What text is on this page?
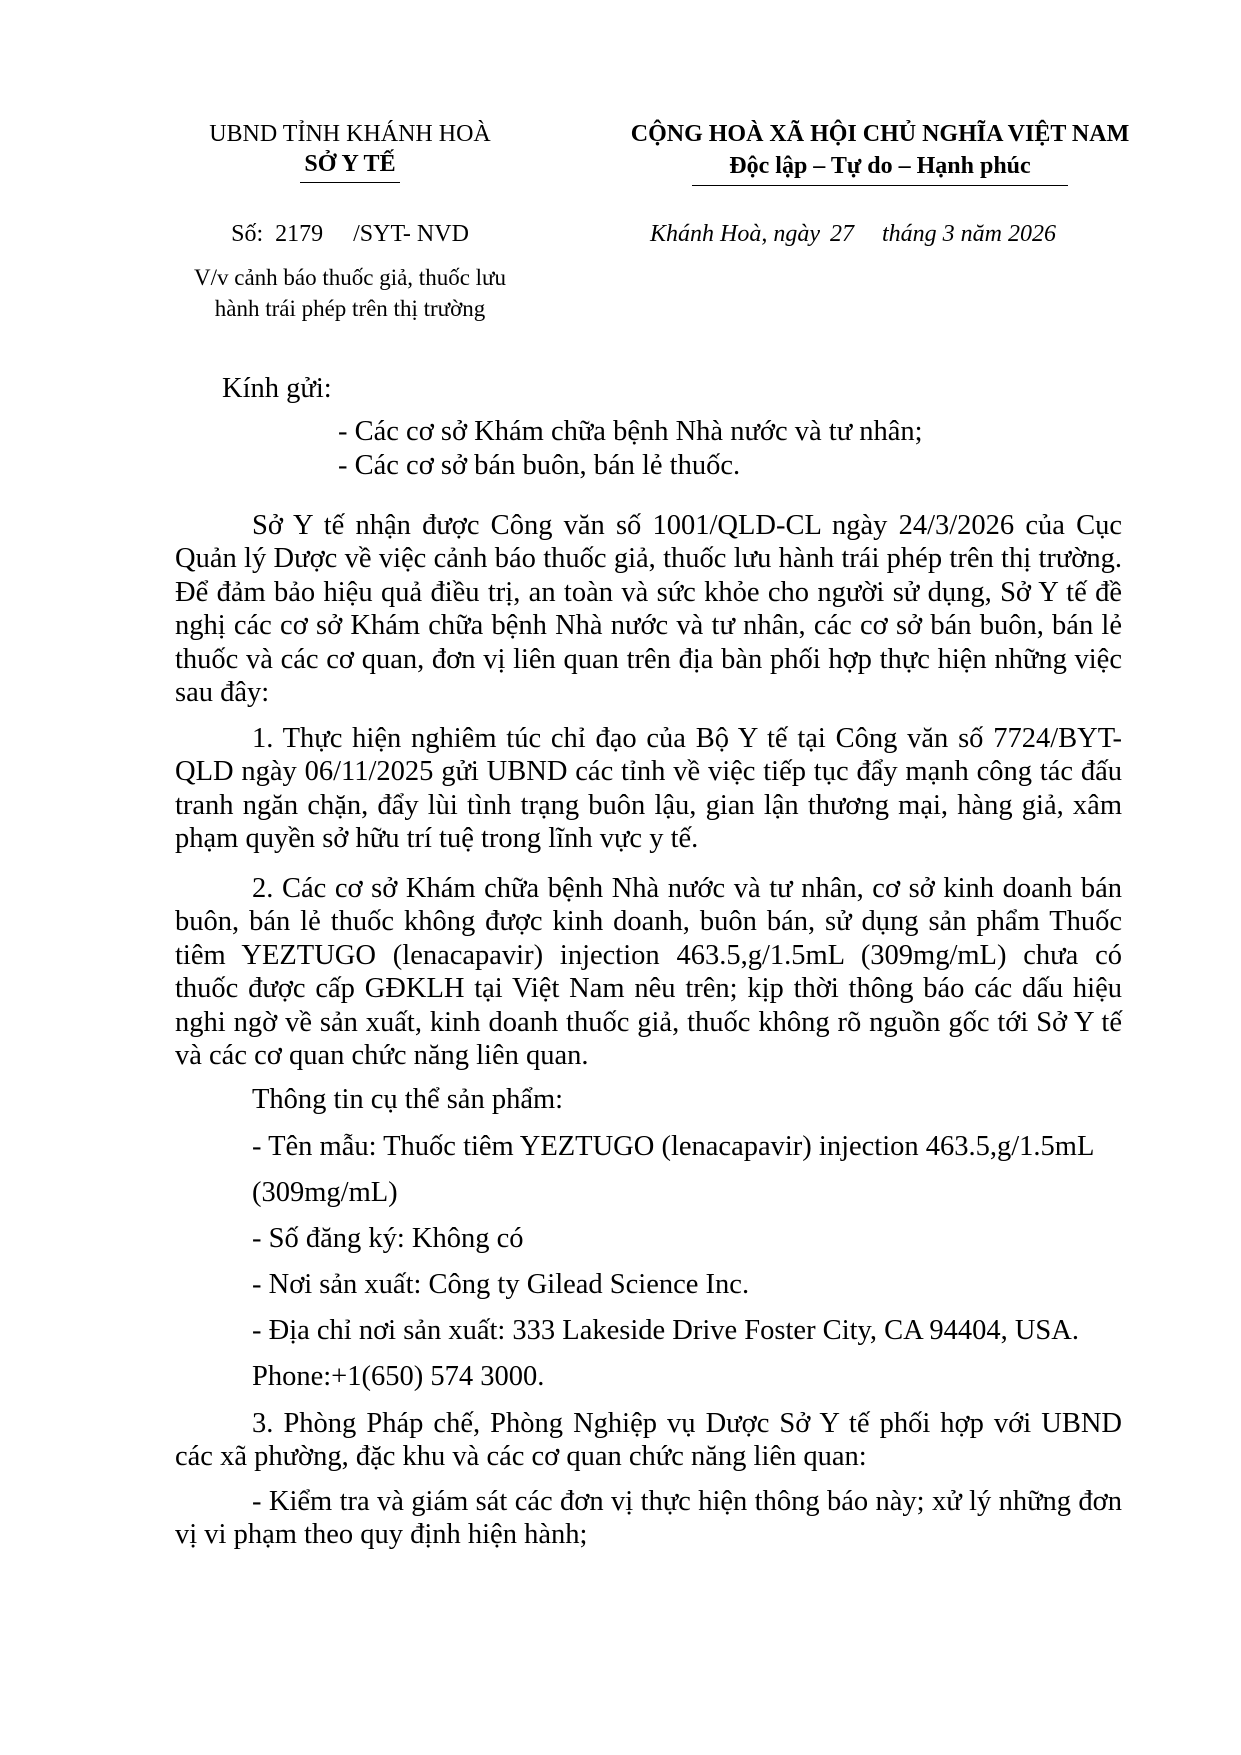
UBND TỈNH KHÁNH HOÀ
SỞ Y TẾ
CỘNG HOÀ XÃ HỘI CHỦ NGHĨA VIỆT NAM
Độc lập – Tự do – Hạnh phúc
Số: 2179 /SYT- NVD	Khánh Hoà, ngày 27 tháng 3 năm 2026
V/v cảnh báo thuốc giả, thuốc lưu
hành trái phép trên thị trường
Kính gửi:
- Các cơ sở Khám chữa bệnh Nhà nước và tư nhân;
- Các cơ sở bán buôn, bán lẻ thuốc.
Sở Y tế nhận được Công văn số 1001/QLD-CL ngày 24/3/2026 của Cục Quản lý Dược về việc cảnh báo thuốc giả, thuốc lưu hành trái phép trên thị trường. Để đảm bảo hiệu quả điều trị, an toàn và sức khỏe cho người sử dụng, Sở Y tế đề nghị các cơ sở Khám chữa bệnh Nhà nước và tư nhân, các cơ sở bán buôn, bán lẻ thuốc và các cơ quan, đơn vị liên quan trên địa bàn phối hợp thực hiện những việc sau đây:
1. Thực hiện nghiêm túc chỉ đạo của Bộ Y tế tại Công văn số 7724/BYT-QLD ngày 06/11/2025 gửi UBND các tỉnh về việc tiếp tục đẩy mạnh công tác đấu tranh ngăn chặn, đẩy lùi tình trạng buôn lậu, gian lận thương mại, hàng giả, xâm phạm quyền sở hữu trí tuệ trong lĩnh vực y tế.
2. Các cơ sở Khám chữa bệnh Nhà nước và tư nhân, cơ sở kinh doanh bán buôn, bán lẻ thuốc không được kinh doanh, buôn bán, sử dụng sản phẩm Thuốc tiêm YEZTUGO (lenacapavir) injection 463.5,g/1.5mL (309mg/mL) chưa có thuốc được cấp GĐKLH tại Việt Nam nêu trên; kịp thời thông báo các dấu hiệu nghi ngờ về sản xuất, kinh doanh thuốc giả, thuốc không rõ nguồn gốc tới Sở Y tế và các cơ quan chức năng liên quan.
Thông tin cụ thể sản phẩm:
- Tên mẫu: Thuốc tiêm YEZTUGO (lenacapavir) injection 463.5,g/1.5mL
(309mg/mL)
- Số đăng ký: Không có
- Nơi sản xuất: Công ty Gilead Science Inc.
- Địa chỉ nơi sản xuất: 333 Lakeside Drive Foster City, CA 94404, USA.
Phone:+1(650) 574 3000.
3. Phòng Pháp chế, Phòng Nghiệp vụ Dược Sở Y tế phối hợp với UBND các xã phường, đặc khu và các cơ quan chức năng liên quan:
- Kiểm tra và giám sát các đơn vị thực hiện thông báo này; xử lý những đơn vị vi phạm theo quy định hiện hành;
